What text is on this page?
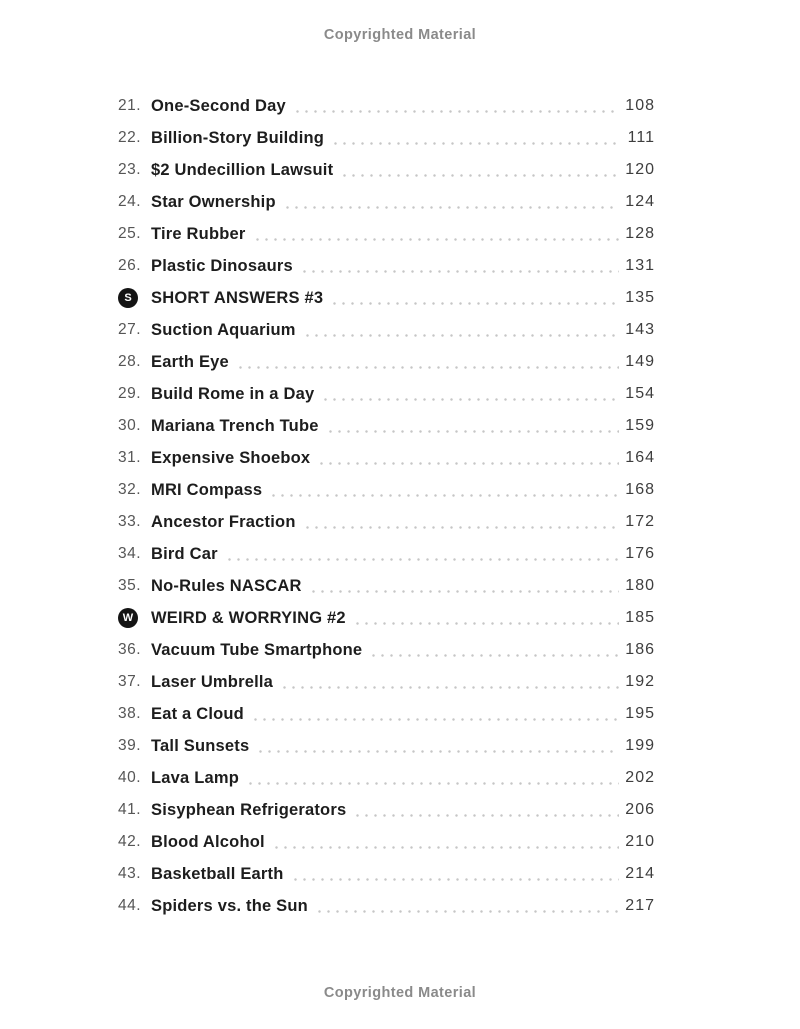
Copyrighted Material
21. One-Second Day	108
22. Billion-Story Building	111
23. $2 Undecillion Lawsuit	120
24. Star Ownership	124
25. Tire Rubber	128
26. Plastic Dinosaurs	131
S	SHORT ANSWERS #3	135
27. Suction Aquarium	143
28. Earth Eye	149
29. Build Rome in a Day	154
30. Mariana Trench Tube	159
31. Expensive Shoebox	164
32. MRI Compass	168
33. Ancestor Fraction	172
34. Bird Car	176
35. No-Rules NASCAR	180
W WEIRD & WORRYING #2	185
36. Vacuum Tube Smartphone	186
37. Laser Umbrella	192
38. Eat a Cloud	195
39. Tall Sunsets	199
40. Lava Lamp	202
41. Sisyphean Refrigerators	206
42. Blood Alcohol	210
43. Basketball Earth	214
44. Spiders vs. the Sun	217
Copyrighted Material
